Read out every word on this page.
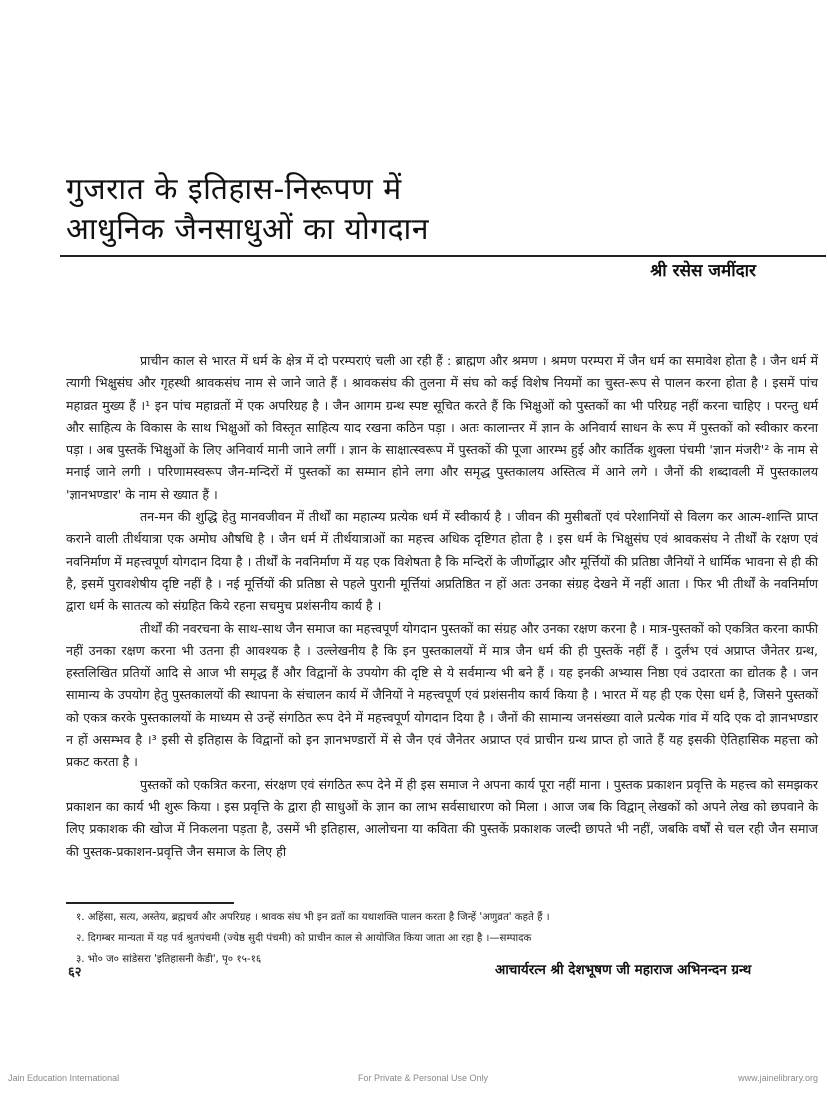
गुजरात के इतिहास-निरूपण में
आधुनिक जैनसाधुओं का योगदान
श्री रसेस जमींदार

प्राचीन काल से भारत में धर्म के क्षेत्र में दो परम्पराएं चली आ रही हैं : ब्राह्मण और श्रमण । श्रमण परम्परा में जैन धर्म का समावेश होता है । जैन धर्म में त्यागी भिक्षुसंघ और गृहस्थी श्रावकसंघ नाम से जाने जाते हैं । श्रावकसंघ की तुलना में संघ को कई विशेष नियमों का चुस्त-रूप से पालन करना होता है । इसमें पांच महाव्रत मुख्य हैं ।¹ इन पांच महाव्रतों में एक अपरिग्रह है । जैन आगम ग्रन्थ स्पष्ट सूचित करते हैं कि भिक्षुओं को पुस्तकों का भी परिग्रह नहीं करना चाहिए । परन्तु धर्म और साहित्य के विकास के साथ भिक्षुओं को विस्तृत साहित्य याद रखना कठिन पड़ा । अतः कालान्तर में ज्ञान के अनिवार्य साधन के रूप में पुस्तकों को स्वीकार करना पड़ा । अब पुस्तकें भिक्षुओं के लिए अनिवार्य मानी जाने लगीं । ज्ञान के साक्षात्स्वरूप में पुस्तकों की पूजा आरम्भ हुई और कार्तिक शुक्ला पंचमी 'ज्ञान मंजरी'² के नाम से मनाई जाने लगी । परिणामस्वरूप जैन-मन्दिरों में पुस्तकों का सम्मान होने लगा और समृद्ध पुस्तकालय अस्तित्व में आने लगे । जैनों की शब्दावली में पुस्तकालय 'ज्ञानभण्डार' के नाम से ख्यात हैं ।

तन-मन की शुद्धि हेतु मानवजीवन में तीर्थों का महात्म्य प्रत्येक धर्म में स्वीकार्य है । जीवन की मुसीबतों एवं परेशानियों से विलग कर आत्म-शान्ति प्राप्त कराने वाली तीर्थयात्रा एक अमोघ औषधि है । जैन धर्म में तीर्थयात्राओं का महत्त्व अधिक दृष्टिगत होता है । इस धर्म के भिक्षुसंघ एवं श्रावकसंघ ने तीर्थों के रक्षण एवं नवनिर्माण में महत्त्वपूर्ण योगदान दिया है । तीर्थों के नवनिर्माण में यह एक विशेषता है कि मन्दिरों के जीर्णोद्धार और मूर्त्तियों की प्रतिष्ठा जैनियों ने धार्मिक भावना से ही की है, इसमें पुरावशेषीय दृष्टि नहीं है । नई मूर्त्तियों की प्रतिष्ठा से पहले पुरानी मूर्त्तियां अप्रतिष्ठित न हों अतः उनका संग्रह देखने में नहीं आता । फिर भी तीर्थों के नवनिर्माण द्वारा धर्म के सातत्य को संग्रहित किये रहना सचमुच प्रशंसनीय कार्य है ।

तीर्थों की नवरचना के साथ-साथ जैन समाज का महत्त्वपूर्ण योगदान पुस्तकों का संग्रह और उनका रक्षण करना है । मात्र-पुस्तकों को एकत्रित करना काफी नहीं उनका रक्षण करना भी उतना ही आवश्यक है । उल्लेखनीय है कि इन पुस्तकालयों में मात्र जैन धर्म की ही पुस्तकें नहीं हैं । दुर्लभ एवं अप्राप्त जैनेतर ग्रन्थ, हस्तलिखित प्रतियों आदि से आज भी समृद्ध हैं और विद्वानों के उपयोग की दृष्टि से ये सर्वमान्य भी बने हैं । यह इनकी अभ्यास निष्ठा एवं उदारता का द्योतक है । जन सामान्य के उपयोग हेतु पुस्तकालयों की स्थापना के संचालन कार्य में जैनियों ने महत्त्वपूर्ण एवं प्रशंसनीय कार्य किया है । भारत में यह ही एक ऐसा धर्म है, जिसने पुस्तकों को एकत्र करके पुस्तकालयों के माध्यम से उन्हें संगठित रूप देने में महत्त्वपूर्ण योगदान दिया है । जैनों की सामान्य जनसंख्या वाले प्रत्येक गांव में यदि एक दो ज्ञानभण्डार न हों असम्भव है ।³ इसी से इतिहास के विद्वानों को इन ज्ञानभण्डारों में से जैन एवं जैनेतर अप्राप्त एवं प्राचीन ग्रन्थ प्राप्त हो जाते हैं यह इसकी ऐतिहासिक महत्ता को प्रकट करता है ।

पुस्तकों को एकत्रित करना, संरक्षण एवं संगठित रूप देने में ही इस समाज ने अपना कार्य पूरा नहीं माना । पुस्तक प्रकाशन प्रवृत्ति के महत्त्व को समझकर प्रकाशन का कार्य भी शुरू किया । इस प्रवृत्ति के द्वारा ही साधुओं के ज्ञान का लाभ सर्वसाधारण को मिला । आज जब कि विद्वान् लेखकों को अपने लेख को छपवाने के लिए प्रकाशक की खोज में निकलना पड़ता है, उसमें भी इतिहास, आलोचना या कविता की पुस्तकें प्रकाशक जल्दी छापते भी नहीं, जबकि वर्षों से चल रही जैन समाज की पुस्तक-प्रकाशन-प्रवृत्ति जैन समाज के लिए ही

१. अहिंसा, सत्य, अस्तेय, ब्रह्मचर्य और अपरिग्रह । श्रावक संघ भी इन व्रतों का यथाशक्ति पालन करता है जिन्हें 'अणुव्रत' कहते हैं ।
२. दिगम्बर मान्यता में यह पर्व श्रुतपंचमी (ज्येष्ठ सुदी पंचमी) को प्राचीन काल से आयोजित किया जाता आ रहा है ।—सम्पादक
३. भो० ज० सांडेसरा 'इतिहासनी केडी', पृ० १५-१६
६२	आचार्यरत्न श्री देशभूषण जी महाराज अभिनन्दन ग्रन्थ
Jain Education International	For Private & Personal Use Only	www.jainelibrary.org
